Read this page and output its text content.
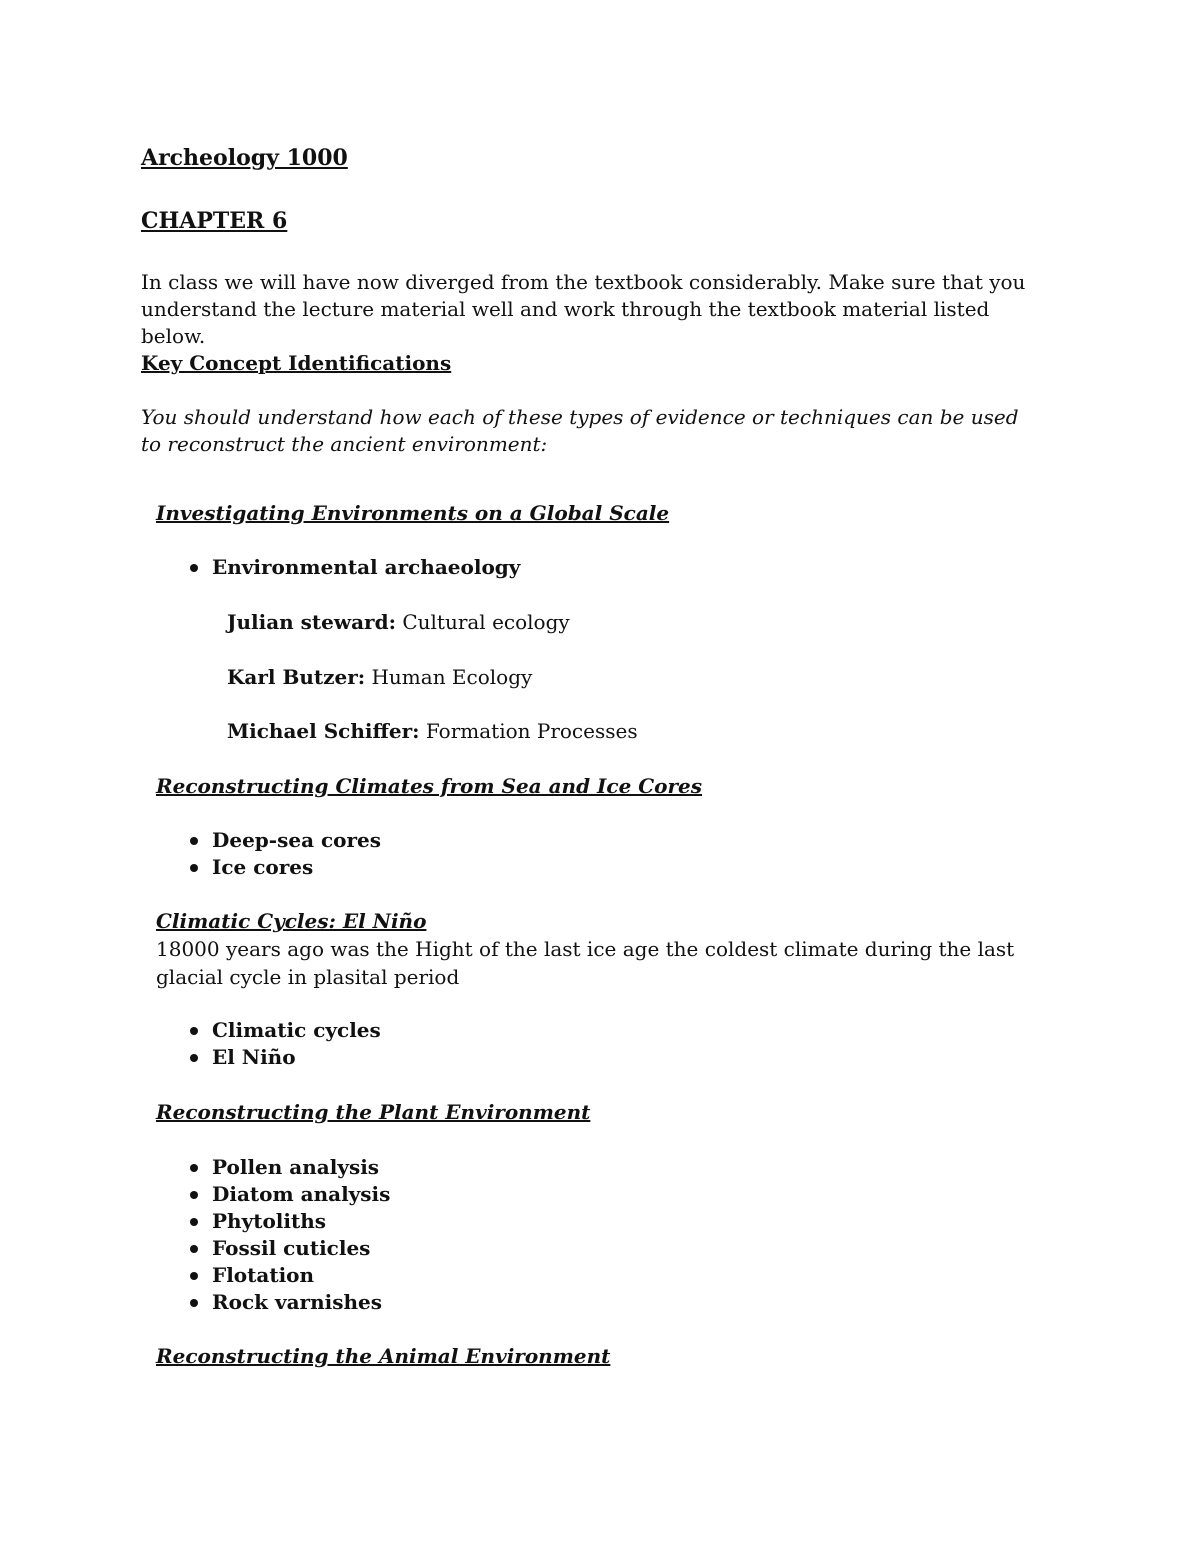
Archeology 1000
CHAPTER 6

In class we will have now diverged from the textbook considerably. Make sure that you understand the lecture material well and work through the textbook material listed below.

Key Concept Identifications

You should understand how each of these types of evidence or techniques can be used to reconstruct the ancient environment:

Investigating Environments on a Global Scale
Environmental archaeology
Julian steward: Cultural ecology
Karl Butzer: Human Ecology
Michael Schiffer: Formation Processes
Reconstructing Climates from Sea and Ice Cores
Deep-sea cores
Ice cores
Climatic Cycles: El Niño

18000 years ago was the Hight of the last ice age the coldest climate during the last glacial cycle in plasital period

Climatic cycles
El Niño
Reconstructing the Plant Environment
Pollen analysis
Diatom analysis
Phytoliths
Fossil cuticles
Flotation
Rock varnishes
Reconstructing the Animal Environment
